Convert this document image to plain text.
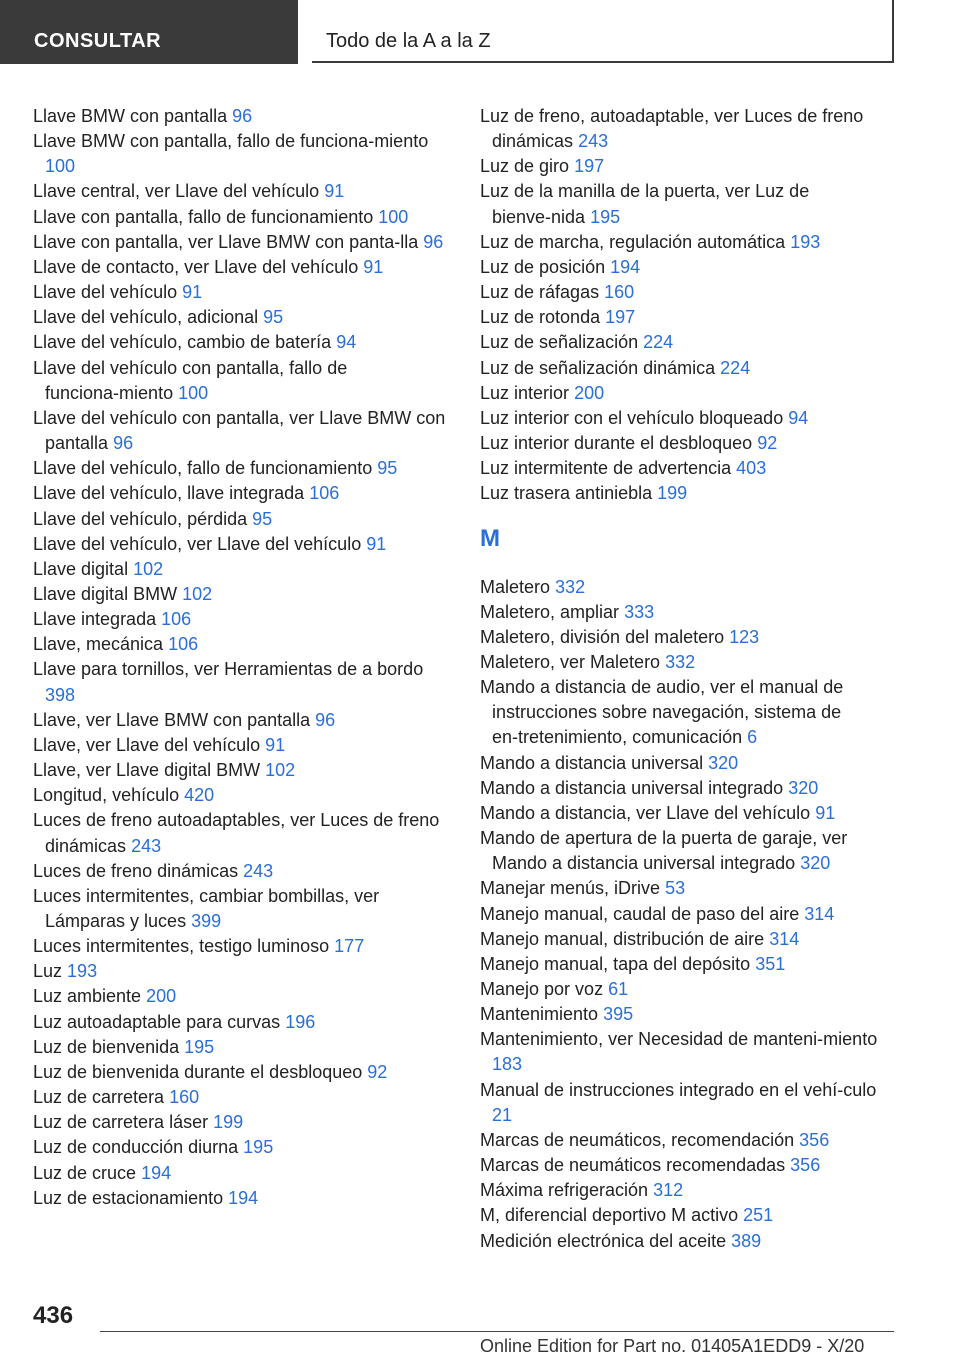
CONSULTAR	Todo de la A a la Z
Llave BMW con pantalla 96
Llave BMW con pantalla, fallo de funciona‑miento 100
Llave central, ver Llave del vehículo 91
Llave con pantalla, fallo de funcionamiento 100
Llave con pantalla, ver Llave BMW con panta‑lla 96
Llave de contacto, ver Llave del vehículo 91
Llave del vehículo 91
Llave del vehículo, adicional 95
Llave del vehículo, cambio de batería 94
Llave del vehículo con pantalla, fallo de funciona‑miento 100
Llave del vehículo con pantalla, ver Llave BMW con pantalla 96
Llave del vehículo, fallo de funcionamiento 95
Llave del vehículo, llave integrada 106
Llave del vehículo, pérdida 95
Llave del vehículo, ver Llave del vehículo 91
Llave digital 102
Llave digital BMW 102
Llave integrada 106
Llave, mecánica 106
Llave para tornillos, ver Herramientas de a bordo 398
Llave, ver Llave BMW con pantalla 96
Llave, ver Llave del vehículo 91
Llave, ver Llave digital BMW 102
Longitud, vehículo 420
Luces de freno autoadaptables, ver Luces de freno dinámicas 243
Luces de freno dinámicas 243
Luces intermitentes, cambiar bombillas, ver Lámparas y luces 399
Luces intermitentes, testigo luminoso 177
Luz 193
Luz ambiente 200
Luz autoadaptable para curvas 196
Luz de bienvenida 195
Luz de bienvenida durante el desbloqueo 92
Luz de carretera 160
Luz de carretera láser 199
Luz de conducción diurna 195
Luz de cruce 194
Luz de estacionamiento 194
Luz de freno, autoadaptable, ver Luces de freno dinámicas 243
Luz de giro 197
Luz de la manilla de la puerta, ver Luz de bienve‑nida 195
Luz de marcha, regulación automática 193
Luz de posición 194
Luz de ráfagas 160
Luz de rotonda 197
Luz de señalización 224
Luz de señalización dinámica 224
Luz interior 200
Luz interior con el vehículo bloqueado 94
Luz interior durante el desbloqueo 92
Luz intermitente de advertencia 403
Luz trasera antiniebla 199
M
Maletero 332
Maletero, ampliar 333
Maletero, división del maletero 123
Maletero, ver Maletero 332
Mando a distancia de audio, ver el manual de instrucciones sobre navegación, sistema de en‑tretenimiento, comunicación 6
Mando a distancia universal 320
Mando a distancia universal integrado 320
Mando a distancia, ver Llave del vehículo 91
Mando de apertura de la puerta de garaje, ver Mando a distancia universal integrado 320
Manejar menús, iDrive 53
Manejo manual, caudal de paso del aire 314
Manejo manual, distribución de aire 314
Manejo manual, tapa del depósito 351
Manejo por voz 61
Mantenimiento 395
Mantenimiento, ver Necesidad de manteni‑miento 183
Manual de instrucciones integrado en el vehí‑culo 21
Marcas de neumáticos, recomendación 356
Marcas de neumáticos recomendadas 356
Máxima refrigeración 312
M, diferencial deportivo M activo 251
Medición electrónica del aceite 389
436
Online Edition for Part no. 01405A1EDD9 - X/20
